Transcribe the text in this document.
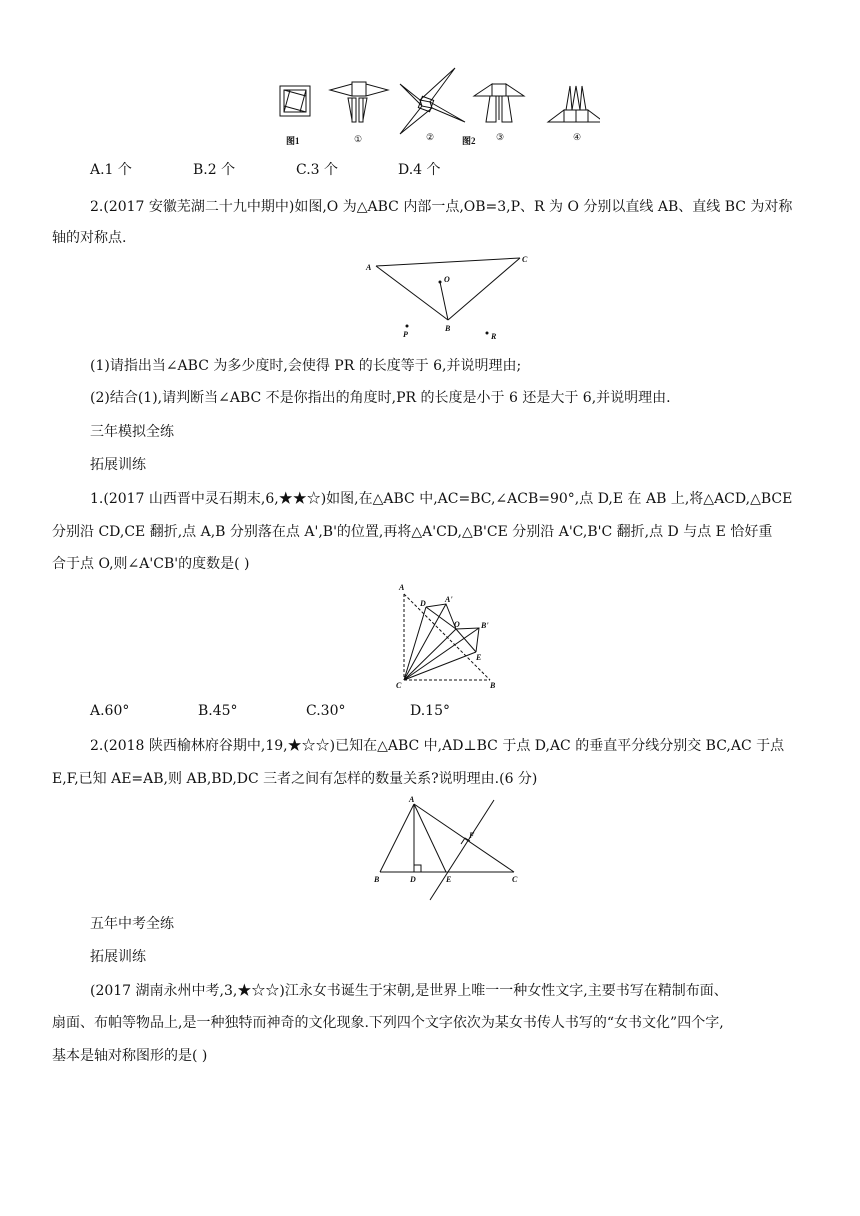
图1	①	②	图2 ③	④
A.1 个	B.2 个	C.3 个	D.4 个
2.(2017 安徽芜湖二十九中期中)如图,O 为△ABC 内部一点,OB=3,P、R 为 O 分别以直线 AB、直线 BC 为对称
轴的对称点.
A
C
O
B
P	R
(1)请指出当∠ABC 为多少度时,会使得 PR 的长度等于 6,并说明理由;
(2)结合(1),请判断当∠ABC 不是你指出的角度时,PR 的长度是小于 6 还是大于 6,并说明理由.
三年模拟全练
拓展训练
1.(2017 山西晋中灵石期末,6,★★☆)如图,在△ABC 中,AC=BC,∠ACB=90°,点 D,E 在 AB 上,将△ACD,△BCE
分别沿 CD,CE 翻折,点 A,B 分别落在点 A',B'的位置,再将△A'CD,△B'CE 分别沿 A'C,B'C 翻折,点 D 与点 E 恰好重
合于点 O,则∠A'CB'的度数是( )
A
D A'
O	B'
E
C	B
A.60°	B.45°	C.30°	D.15°
2.(2018 陕西榆林府谷期中,19,★☆☆)已知在△ABC 中,AD⊥BC 于点 D,AC 的垂直平分线分别交 BC,AC 于点
E,F,已知 AE=AB,则 AB,BD,DC 三者之间有怎样的数量关系?说明理由.(6 分)
A
F
B	D	E	C
五年中考全练
拓展训练
(2017 湖南永州中考,3,★☆☆)江永女书诞生于宋朝,是世界上唯一一种女性文字,主要书写在精制布面、
扇面、布帕等物品上,是一种独特而神奇的文化现象.下列四个文字依次为某女书传人书写的“女书文化”四个字,
基本是轴对称图形的是( )
